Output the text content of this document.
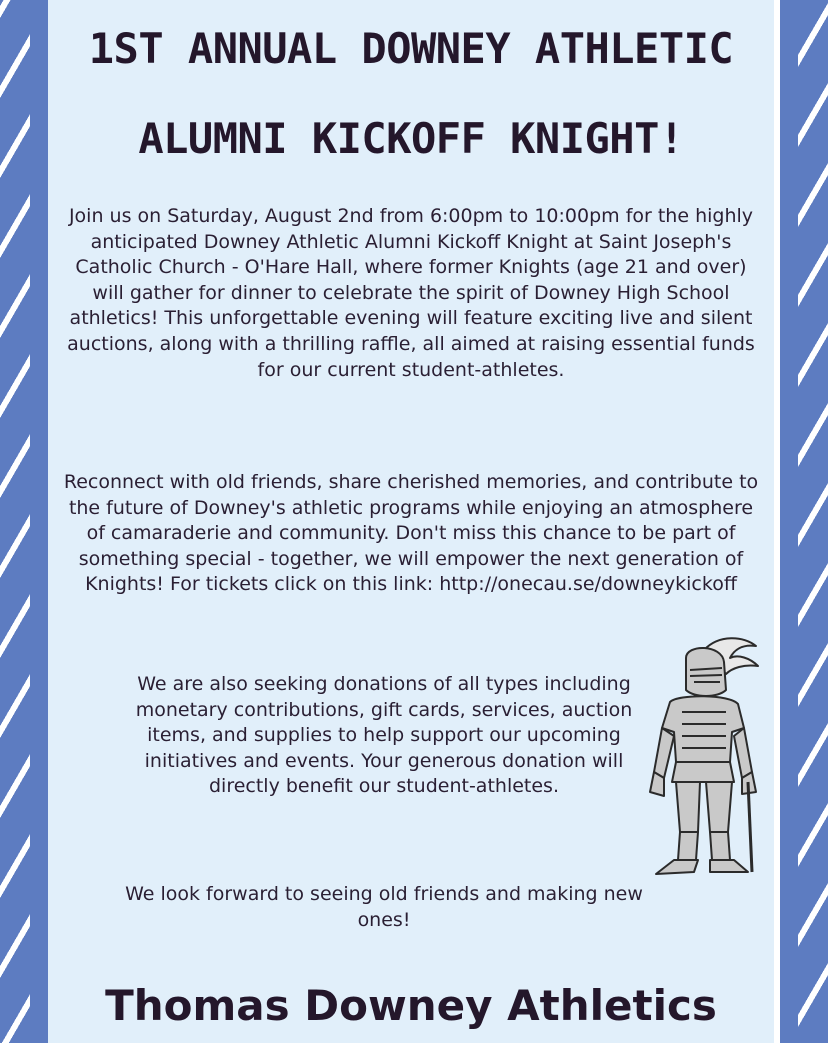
1ST ANNUAL DOWNEY ATHLETIC
ALUMNI KICKOFF KNIGHT!
Join us on Saturday, August 2nd from 6:00pm to 10:00pm for the highly anticipated Downey Athletic Alumni Kickoff Knight at Saint Joseph's Catholic Church - O'Hare Hall, where former Knights (age 21 and over) will gather for dinner to celebrate the spirit of Downey High School athletics! This unforgettable evening will feature exciting live and silent auctions, along with a thrilling raffle, all aimed at raising essential funds for our current student-athletes.
Reconnect with old friends, share cherished memories, and contribute to the future of Downey's athletic programs while enjoying an atmosphere of camaraderie and community. Don't miss this chance to be part of something special - together, we will empower the next generation of Knights! For tickets click on this link: http://onecau.se/downeykickoff
We are also seeking donations of all types including monetary contributions, gift cards, services, auction items, and supplies to help support our upcoming initiatives and events. Your generous donation will directly benefit our student-athletes.
We look forward to seeing old friends and making new ones!
Thomas Downey Athletics
